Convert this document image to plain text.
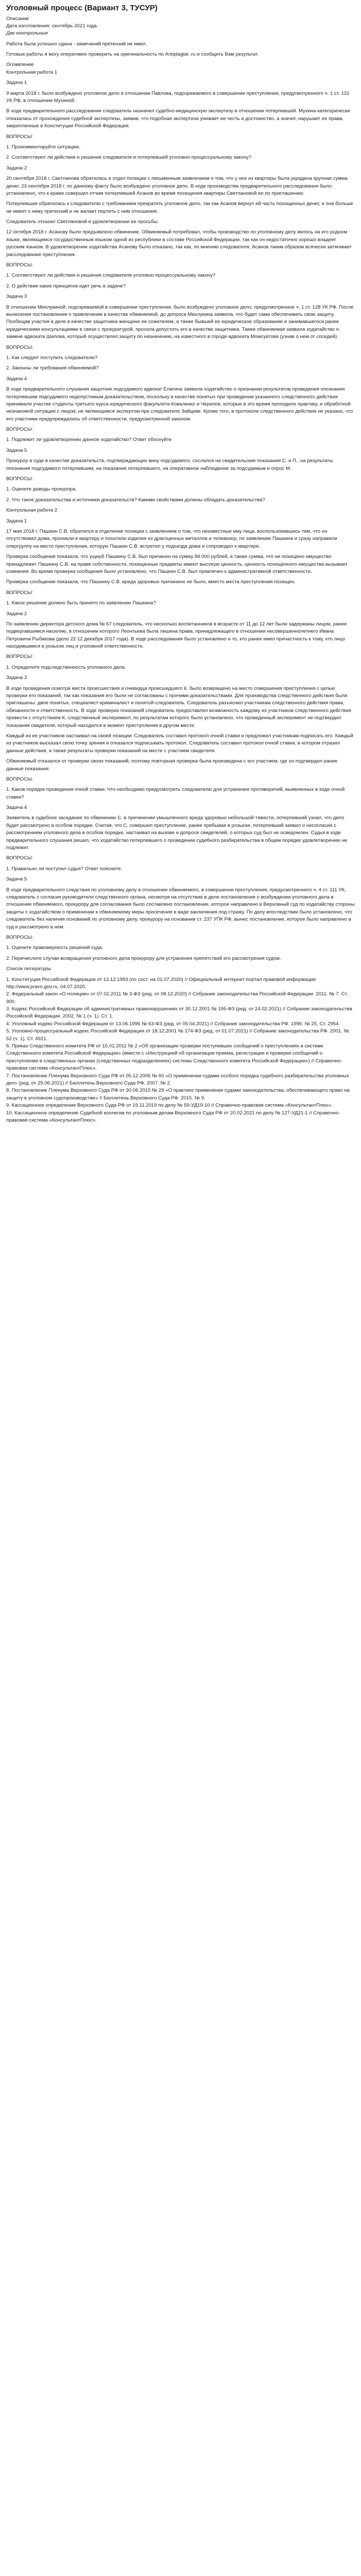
Уголовный процесс (Вариант 3, ТУСУР)
Описание
Дата изготовления: сентябрь 2021 года.
Две контрольные

Работа была успешно сдана - замечаний претензий не имел.

Готовые работы я могу оперативно проверить на оригинальность по Antiplagiat .ru и сообщить Вам результат.

Оглавление
Контрольная работа 1
Задача 1

9 марта 2018 г. было возбуждено уголовное дело в отношении Павлова, подозреваемого в совершении преступления, предусмотренного ч. 1 ст. 131 УК РФ, в отношении Мухиной.

В ходе предварительного расследования следователь назначил судебно-медицинскую экспертизу в отношении потерпевшей. Мухина категорически отказалась от прохождения судебной экспертизы, заявив, что подобная экспертиза унижает ее честь и достоинство, а значит, нарушает ее права, закрепленные в Конституции Российской Федерации.

ВОПРОСЫ:

1. Прокомментируйте ситуацию.

2. Соответствуют ли действия и решения следователя и потерпевшей уголовно-процессуальному закону?

Задача 2

20 сентября 2018 г. Светланова обратилась в отдел полиции с письменным заявлением о том, что у нее из квартиры была украдена крупная сумма денег. 23 сентября 2018 г. по данному факту было возбуждено уголовное дело. В ходе производства предварительного расследования было установлено, что к краже совершил отчим потерпевшей Асанов во время посещения квартиры Светлановой ее по приглашению.

Потерпевшая обратилась к следователю с требованием прекратить уголовное дело, так как Асанов вернул ей часть похищенных денег, и она больше не имеет к нему претензий и не желает портить с ним отношения.

Следователь отказал Светлановой в удовлетворении ее просьбы.

12 октября 2018 г. Асанову было предъявлено обвинение. Обвиняемый потребовал, чтобы производство по уголовному делу велось на его родном языке, являющимся государственным языком одной из республики в составе Российской Федерации, так как он недостаточно хорошо владеет русским языком. В удовлетворении ходатайства Асанову было отказано, так как, по мнению следователя, Асанов таким образом всячески затягивает расследование преступления.

ВОПРОСЫ:

1. Соответствуют ли действия и решения следователя уголовно-процессуальному закону?

2. О действии каких принципов идет речь в задаче?

Задача 3

В отношении Михлукиной, подозреваемой в совершении преступления, было возбуждено уголовное дело, предусмотренное ч. 1 ст. 128 УК РФ. После вынесения постановления о привлечении в качестве обвиняемой, до допроса Михлукина заявила, что будет сама обеспечивать свою защиту. Пообещав участия в деле в качестве защитника женщине ее сожителем, а также бывшей ее юридическое образование и занимавшегося ранее юридическими консультациями в связи с прокуратурой, просила допустить его в качестве защитника. Также обвиняемая заявила ходатайство о замене адвоката Шилова, который осуществлял защиту по назначению, на известного в городе адвоката Момсуатова (узнав о нем от соседей).

ВОПРОСЫ:

1. Как следует поступить следователю?

2. Законны ли требования обвиняемой?

Задача 4

В ходе предварительного слушания защитник подсудимого адвокат Елагина заявила ходатайство о признании результатов проведения опознания потерпевшим подсудимого недопустимым доказательством, поскольку в качестве понятых при проведении указанного следственного действия принимали участие студенты третьего курса юридического факультета Коваленко и Черепов, которые в это время проходили практику, и обработкой незнакомой ситуации с лицом, не являющимся экспертом при следователе Зайцеве. Кроме того, в протоколе следственного действия не указано, что его участники предупреждались об ответственности, предусмотренной законом.

ВОПРОСЫ:

1. Подлежит ли удовлетворению данное ходатайство? Ответ обоснуйте

Задача 5

Прокурор в суде в качестве доказательств, подтверждающих вину подсудимого, сослался на свидетельские показания С. и П., на результаты опознания подсудимого потерпевшим, на показания потерпевшего, на оперативное наблюдение за подсудимым и опрос М.

ВОПРОСЫ:

1. Оцените доводы прокурора.

2. Что такое доказательства и источники доказательств? Какими свойствами должны обладать доказательства?

Контрольная работа 2
Задача 1

17 мая 2018 г. Пашкин С.В. обратился в отделение полиции с заявлением о том, что неизвестные ему лица, воспользовавшись тем, что он отсутствовал дома, проникли в квартиру и похитили изделия из драгоценных металлов и телевизор, по заявлению Пашкина и сразу направили опергруппу на место преступления, которую Пашкин С.В. встретил у подъезда дома и сопроводил к квартире.

Проверка сообщения показала, что ущерб Пашкину С.В. был причинен на сумму 84 000 рублей, а также сумма, что ни похищено имущество принадлежит Пашкину С.В. на праве собственности, похищенные предметы имеют высокую ценность, ценность похищенного имущества вызывает сомнения. Во время проверки сообщения было установлено, что Пашкин С.В. был привлечен к административной ответственности.

Проверка сообщения показала, что Пашкину С.В. вреда здоровью причинено не было, вместо места преступления похищен.

ВОПРОСЫ:

1. Какое решение должно быть принято по заявлению Пашкина?

Задача 2

По заявлению директора детского дома № 67 следователь, что несколько воспитанников в возрасте от 11 до 12 лет были задержаны лицом, ранее подвергавшимся насилию, в отношении которого Леонтьева была лишена права, принадлежащего в отношении несовершеннолетнего Ивана Петровича Рыбакова (дело 22 12 декабря 2017 года). В ходе расследования было установлено и то, кто ранее имел причастность к тому, кто лицо находившимся в розыске лиц и уголовной ответственности.

ВОПРОСЫ:

1. Определите подследственность уголовного дела.

Задача 3

В ходе проведения осмотра места происшествия и очевидца происшедшего К. было возвращено на место совершения преступления с целью проверки его показаний, так как показания его были не согласованы с прочими доказательствами. Для производства следственного действия были приглашены: двое понятых, специалист-криминалист и понятой-следователь. Следователь разъяснил участникам следственного действия права, обязанности и ответственность. В ходе проверки показаний следователь предоставлял возможность каждому из участников следственного действия провести с отсутствием К. следственный эксперимент, по результатам которого было установлено, что проведенный эксперимент не подтвердил показания свидетеля, который находился в момент преступления в другом месте.

Каждый из ее участников настаивал на своей позиции. Следователь составил протокол очной ставки и предложил участникам подписать его. Каждый из участников высказал свою точку зрения и отказался подписывать протокол. Следователь составил протокол очной ставки, в котором отразил данные действия, а также результаты проверки показаний на месте с участием свидетеля.

Обвиняемый отказался от проверки своих показаний, поэтому повторная проверка была произведена с его участием, где он подтвердил ранее данные показания.

ВОПРОСЫ:

1. Каков порядок проведения очной ставки. Что необходимо предусмотреть следователю для устранения противоречий, выявленных в ходе очной ставки?

Задача 4

Заявитель в судебное заседание по обвинению С. в причинении умышленного вреда здоровью небольшой тяжести, потерпевший узнал, что дело будет рассмотрено в особом порядке. Считая, что С. совершил преступление, ранее пребывая в розыске, потерпевший заявил о несогласии с рассмотрением уголовного дела в особом порядке, настаивал на вызове и допросе свидетелей, о которых суд был не осведомлен. Судья в ходе предварительного слушания решил, что ходатайство потерпевшего о проведении судебного разбирательства в общем порядке удовлетворению не подлежит.

ВОПРОСЫ:

1. Правильно ли поступил судья? Ответ поясните.

Задача 5

В ходе предварительного следствия по уголовному делу в отношении обвиняемого, в совершении преступления, предусмотренного ч. 4 ст. 111 УК, следователь с согласия руководителя следственного органа, несмотря на отсутствие в деле постановления о возбуждении уголовного дела в отношении обвиняемого, прокурору для согласования было составлено постановление, которое направлено в Верховный суд по ходатайству стороны защиты с ходатайством о применении к обвиняемому меры пресечения в виде заключения под стражу. По делу впоследствии было установлено, что следователь без наличия оснований по уголовному делу, прокурору на основании ст. 237 УПК РФ, вынес постановление, которое было направлено в суд и рассмотрено в нем.

ВОПРОСЫ:

1. Оцените правомерность решений суда.

2. Перечислите случаи возвращения уголовного дела прокурору для устранения препятствий его рассмотрения судом.

Список литературы
1. Конституция Российской Федерации от 12.12.1993 (по сост. на 01.07.2020) // Официальный интернет-портал правовой информации http://www.pravo.gov.ru, 04.07.2020.
2. Федеральный закон «О полиции» от 07.02.2011 № 3-ФЗ (ред. от 08.12.2020) // Собрание законодательства Российской Федерации. 2011. № 7. Ст. 900.
3. Кодекс Российской Федерации об административных правонарушениях от 30.12.2001 № 195-ФЗ (ред. от 24.02.2021) // Собрание законодательства Российской Федерации. 2002. № 1 (ч. 1). Ст. 1.
4. Уголовный кодекс Российской Федерации от 13.06.1996 № 63-ФЗ (ред. от 05.04.2021) // Собрание законодательства РФ. 1996. № 25. Ст. 2954.
5. Уголовно-процессуальный кодекс Российской Федерации от 18.12.2001 № 174-ФЗ (ред. от 01.07.2021) // Собрание законодательства РФ. 2001. № 52 (ч. 1). Ст. 4921.
6. Приказ Следственного комитета РФ от 15.01.2011 № 2 «Об организации проверки поступивших сообщений о преступлениях в системе Следственного комитета Российской Федерации» (вместе с «Инструкцией об организации приема, регистрации и проверки сообщений о преступлении в следственных органах (следственных подразделениях) системы Следственного комитета Российской Федерации») // Справочно-правовая система «КонсультантПлюс».
7. Постановление Пленума Верховного Суда РФ от 05.12.2006 № 60 «О применении судами особого порядка судебного разбирательства уголовных дел» (ред. от 29.06.2021) // Бюллетень Верховного Суда РФ. 2007. № 2.
8. Постановление Пленума Верховного Суда РФ от 30.06.2015 № 29 «О практике применения судами законодательства, обеспечивающего право на защиту в уголовном судопроизводстве» // Бюллетень Верховного Суда РФ. 2015. № 9.
9. Кассационное определение Верховного Суда РФ от 19.11.2019 по делу № 59-УД19-10 // Справочно-правовая система «КонсультантПлюс».
10. Кассационное определение Судебной коллегии по уголовным делам Верховного Суда РФ от 20.02.2021 по делу № 127-УД21-1 // Справочно-правовая система «КонсультантПлюс».
